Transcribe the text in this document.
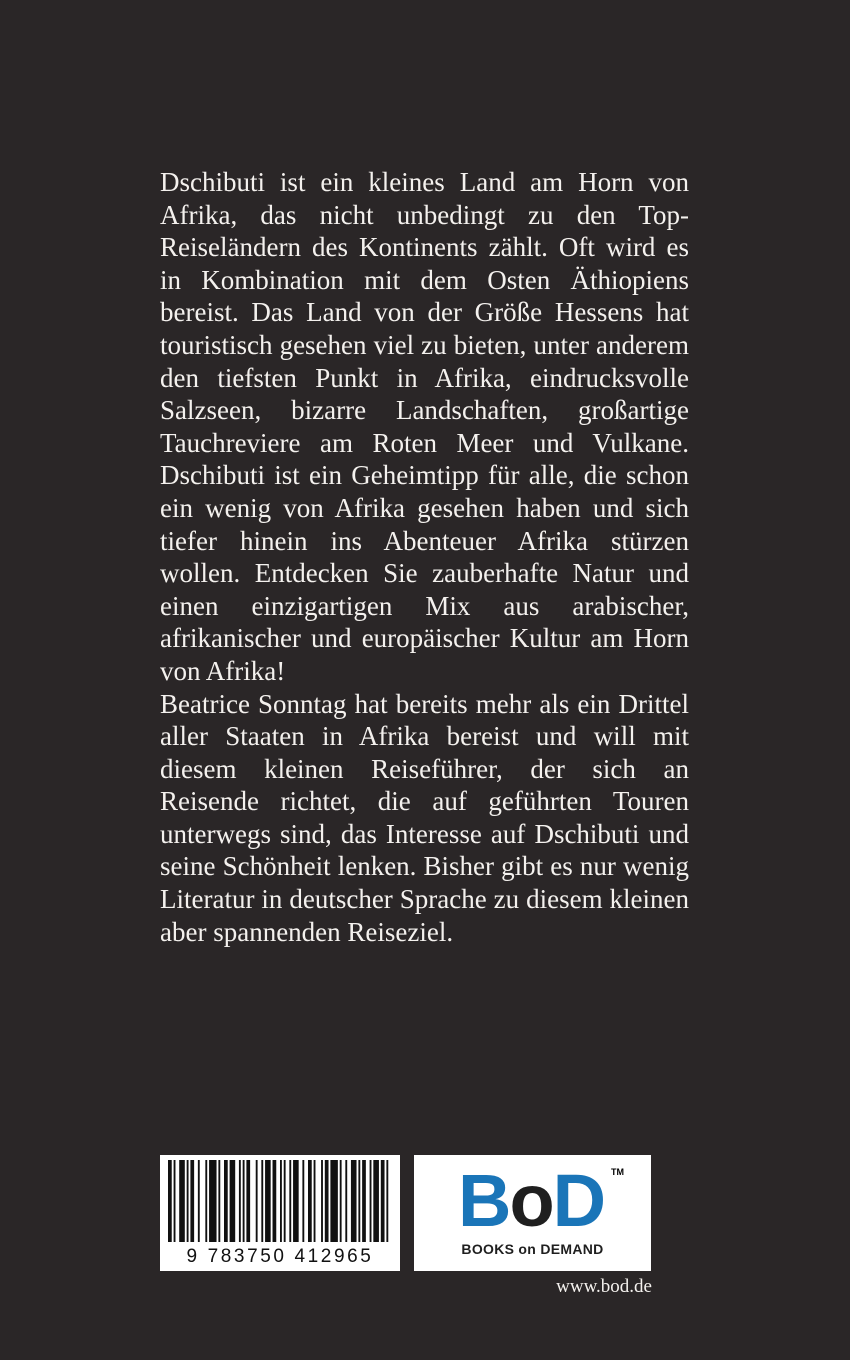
Dschibuti ist ein kleines Land am Horn von Afrika, das nicht unbedingt zu den Top-Reiseländern des Kontinents zählt. Oft wird es in Kombination mit dem Osten Äthiopiens bereist. Das Land von der Größe Hessens hat touristisch gesehen viel zu bieten, unter anderem den tiefsten Punkt in Afrika, eindrucksvolle Salzseen, bizarre Landschaften, großartige Tauchreviere am Roten Meer und Vulkane. Dschibuti ist ein Geheimtipp für alle, die schon ein wenig von Afrika gesehen haben und sich tiefer hinein ins Abenteuer Afrika stürzen wollen. Entdecken Sie zauberhafte Natur und einen einzigartigen Mix aus arabischer, afrikanischer und europäischer Kultur am Horn von Afrika!

Beatrice Sonntag hat bereits mehr als ein Drittel aller Staaten in Afrika bereist und will mit diesem kleinen Reiseführer, der sich an Reisende richtet, die auf geführten Touren unterwegs sind, das Interesse auf Dschibuti und seine Schönheit lenken. Bisher gibt es nur wenig Literatur in deutscher Sprache zu diesem kleinen aber spannenden Reiseziel.

9 783750 412965
BoD TM
BOOKS on DEMAND
www.bod.de
